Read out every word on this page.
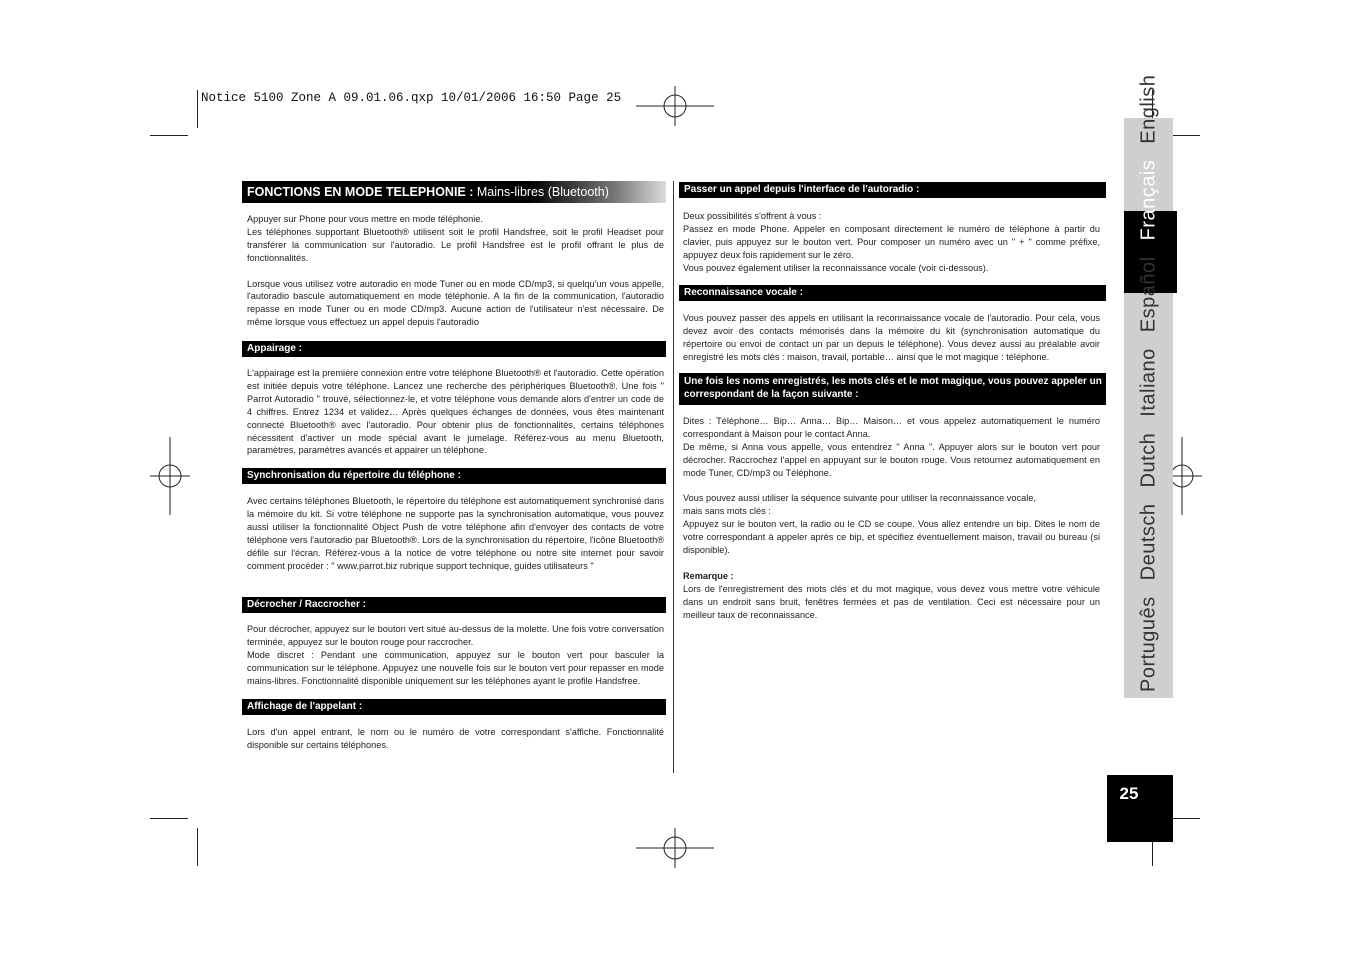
Notice 5100 Zone A 09.01.06.qxp 10/01/2006 16:50 Page 25
FONCTIONS EN MODE TELEPHONIE : Mains-libres (Bluetooth)

Appuyer sur Phone pour vous mettre en mode téléphonie.

Les téléphones supportant Bluetooth® utilisent soit le profil Handsfree, soit le profil Headset pour transférer la communication sur l'autoradio. Le profil Handsfree est le profil offrant le plus de fonctionnalités.

Lorsque vous utilisez votre autoradio en mode Tuner ou en mode CD/mp3, si quelqu'un vous appelle, l'autoradio bascule automatiquement en mode téléphonie. A la fin de la communication, l'autoradio repasse en mode Tuner ou en mode CD/mp3. Aucune action de l'utilisateur n'est nécessaire. De même lorsque vous effectuez un appel depuis l'autoradio

Appairage :
L'appairage est la première connexion entre votre téléphone Bluetooth® et l'autoradio. Cette opération est initiée depuis votre téléphone. Lancez une recherche des périphériques Bluetooth®. Une fois " Parrot Autoradio " trouvé, sélectionnez-le, et votre téléphone vous demande alors d'entrer un code de 4 chiffres. Entrez 1234 et validez… Après quelques échanges de données, vous êtes maintenant connecté Bluetooth® avec l'autoradio. Pour obtenir plus de fonctionnalités, certains téléphones nécessitent d'activer un mode spécial avant le jumelage. Référez-vous au menu Bluetooth, paramètres, paramètres avancés et appairer un téléphone.
Synchronisation du répertoire du téléphone :
Avec certains téléphones Bluetooth, le répertoire du téléphone est automatiquement synchronisé dans la mémoire du kit. Si votre téléphone ne supporte pas la synchronisation automatique, vous pouvez aussi utiliser la fonctionnalité Object Push de votre téléphone afin d'envoyer des contacts de votre téléphone vers l'autoradio par Bluetooth®. Lors de la synchronisation du répertoire, l'icône Bluetooth® défile sur l'écran. Référez-vous à la notice de votre téléphone ou notre site internet pour savoir comment procéder : " www.parrot.biz rubrique support technique, guides utilisateurs "
Décrocher / Raccrocher :

Pour décrocher, appuyez sur le bouton vert situé au-dessus de la molette. Une fois votre conversation terminée, appuyez sur le bouton rouge pour raccrocher.

Mode discret : Pendant une communication, appuyez sur le bouton vert pour basculer la communication sur le téléphone. Appuyez une nouvelle fois sur le bouton vert pour repasser en mode mains-libres. Fonctionnalité disponible uniquement sur les téléphones ayant le profile Handsfree.

Affichage de l'appelant :
Lors d'un appel entrant, le nom ou le numéro de votre correspondant s'affiche. Fonctionnalité disponible sur certains téléphones.
Passer un appel depuis l'interface de l'autoradio :

Deux possibilités s'offrent à vous :

Passez en mode Phone. Appeler en composant directement le numéro de téléphone à partir du clavier, puis appuyez sur le bouton vert. Pour composer un numéro avec un " + " comme préfixe, appuyez deux fois rapidement sur le zéro.

Vous pouvez également utiliser la reconnaissance vocale (voir ci-dessous).

Reconnaissance vocale :
Vous pouvez passer des appels en utilisant la reconnaissance vocale de l'autoradio. Pour cela, vous devez avoir des contacts mémorisés dans la mémoire du kit (synchronisation automatique du répertoire ou envoi de contact un par un depuis le téléphone). Vous devez aussi au préalable avoir enregistré les mots clés : maison, travail, portable… ainsi que le mot magique : téléphone.
Une fois les noms enregistrés, les mots clés et le mot magique, vous pouvez appeler un correspondant de la façon suivante :

Dites : Téléphone… Bip… Anna… Bip… Maison… et vous appelez automatiquement le numéro correspondant à Maison pour le contact Anna.

De même, si Anna vous appelle, vous entendrez " Anna ". Appuyer alors sur le bouton vert pour décrocher. Raccrochez l'appel en appuyant sur le bouton rouge. Vous retournez automatiquement en mode Tuner, CD/mp3 ou Téléphone.

Vous pouvez aussi utiliser la séquence suivante pour utiliser la reconnaissance vocale,

mais sans mots clés :

Appuyez sur le bouton vert, la radio ou le CD se coupe. Vous allez entendre un bip. Dites le nom de votre correspondant à appeler après ce bip, et spécifiez éventuellement maison, travail ou bureau (si disponible).

Remarque :

Lors de l'enregistrement des mots clés et du mot magique, vous devez vous mettre votre véhicule dans un endroit sans bruit, fenêtres fermées et pas de ventilation. Ceci est nécessaire pour un meilleur taux de reconnaissance.	Português
Deutsch
Dutch
Italiano
Español
Français
English
25
